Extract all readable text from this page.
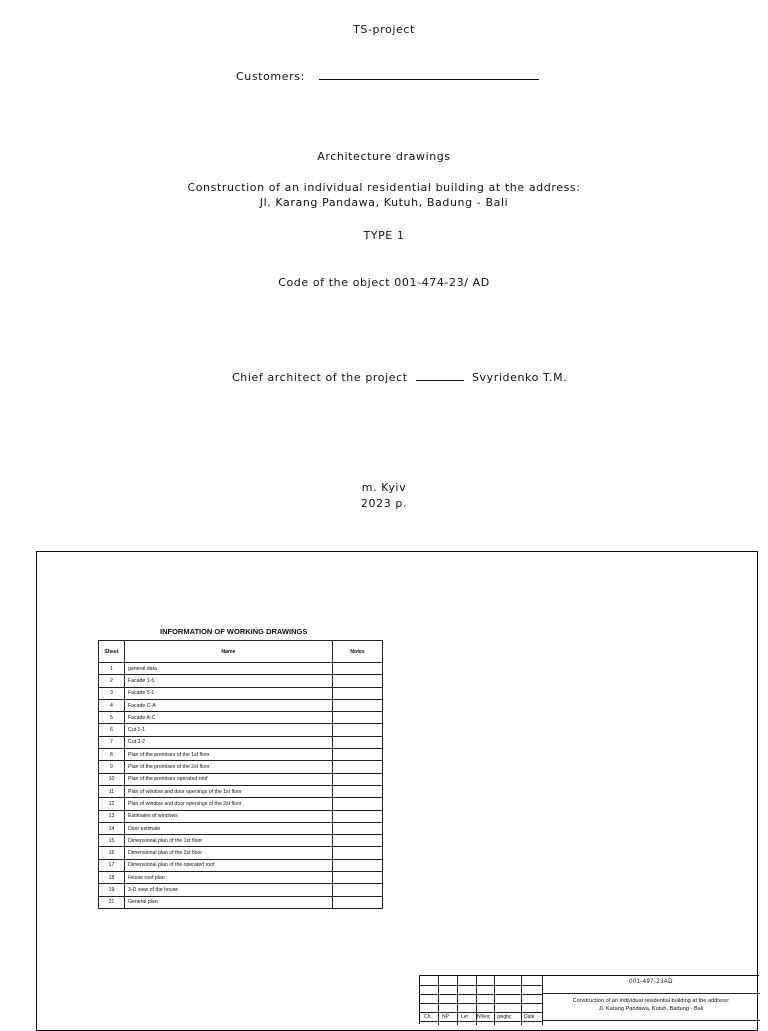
TS-project
Customers:
Architecture drawings
Construction of an individual residential building at the address:
Jl. Karang Pandawa, Kutuh, Badung - Bali
TYPE 1
Code of the object 001-474-23/ AD
Chief architect of the project	Svyridenko T.M.
m. Kyiv
2023 p.
INFORMATION OF WORKING DRAWINGS
Sheet	Name	Notes
1	general data	
2	Facade 1-5	
3	Facade 5-1	
4	Facade C-A	
5	Facade A-C	
6	Cut 1-1	
7	Cut 2-2	
8	Plan of the premises of the 1st floor	
9	Plan of the premises of the 2st floor	
10	Plan of the premises operated roof	
11	Plan of window and door openings of the 1st floor	
12	Plan of window and door openings of the 2st floor	
13	Estimates of windows	
14	Door estimate	
15	Dimensional plan of the 1st floor	
16	Dimensional plan of the 2st floor	
17	Dimensional plan of the operated roof	
18	House roof plan	
19	3-D view of the house	
21	General plan	
Ch. NP Let N%oc gsigbc	Date
001-497-23AD
Construction of an individual residential building at the address:
Jl. Karang Pandawa, Kutuh, Badung - Bali
